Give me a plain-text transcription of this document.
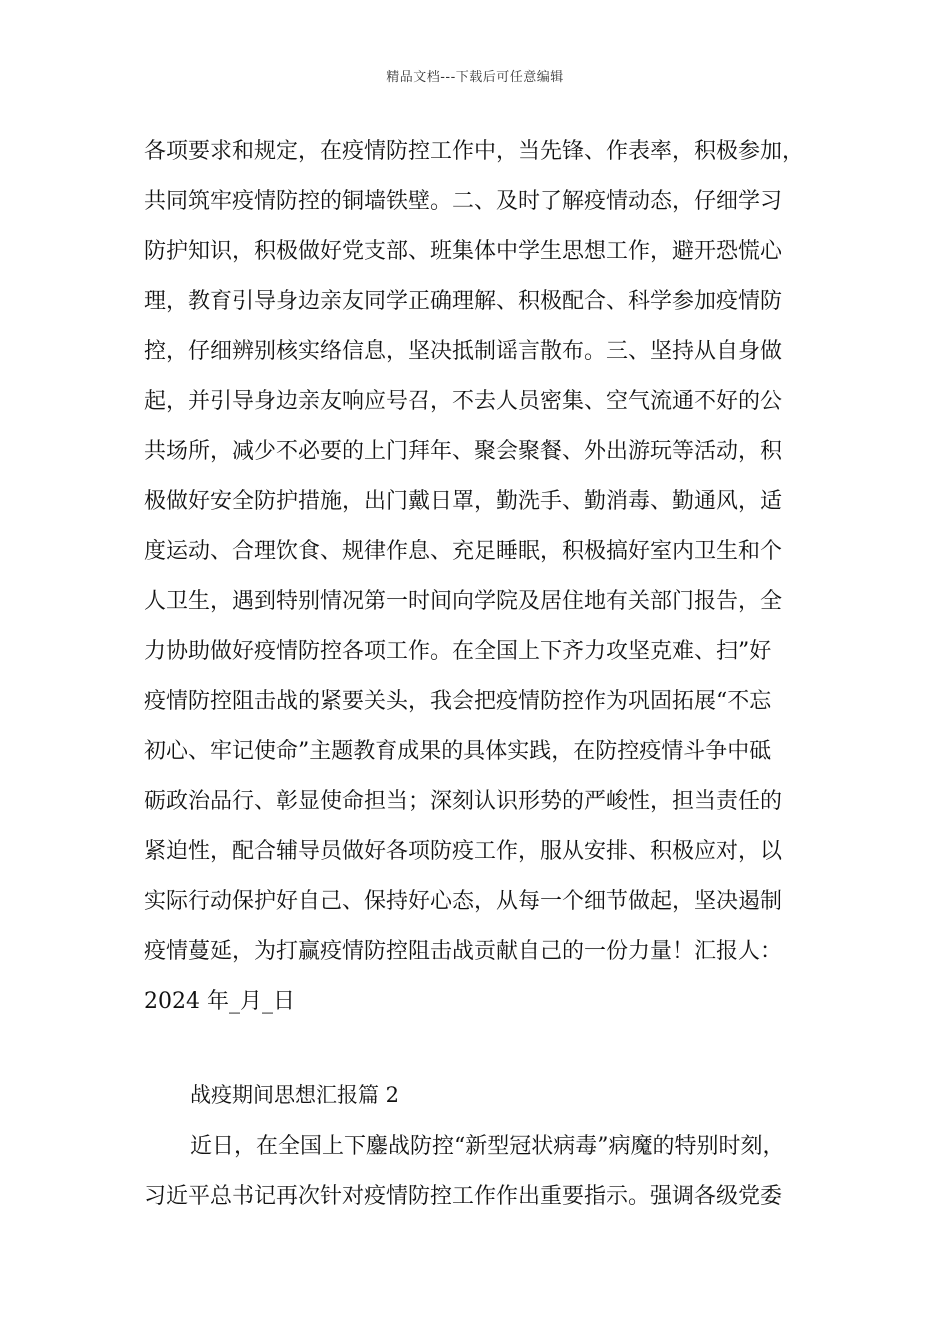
精品文档---下载后可任意编辑
各项要求和规定，在疫情防控工作中，当先锋、作表率，积极参加，
共同筑牢疫情防控的铜墙铁壁。二、及时了解疫情动态，仔细学习
防护知识，积极做好党支部、班集体中学生思想工作，避开恐慌心
理，教育引导身边亲友同学正确理解、积极配合、科学参加疫情防
控，仔细辨别核实络信息，坚决抵制谣言散布。三、坚持从自身做
起，并引导身边亲友响应号召，不去人员密集、空气流通不好的公
共场所，减少不必要的上门拜年、聚会聚餐、外出游玩等活动，积
极做好安全防护措施，出门戴日罩，勤洗手、勤消毒、勤通风，适
度运动、合理饮食、规律作息、充足睡眠，积极搞好室内卫生和个
人卫生，遇到特别情况第一时间向学院及居住地有关部门报告，全
力协助做好疫情防控各项工作。在全国上下齐力攻坚克难、扫”好
疫情防控阻击战的紧要关头，我会把疫情防控作为巩固拓展“不忘
初心、牢记使命”主题教育成果的具体实践，在防控疫情斗争中砥
砺政治品行、彰显使命担当；深刻认识形势的严峻性，担当责任的
紧迫性，配合辅导员做好各项防疫工作，服从安排、积极应对，以
实际行动保护好自己、保持好心态，从每一个细节做起，坚决遏制
疫情蔓延，为打赢疫情防控阻击战贡献自己的一份力量！汇报人：
2024 年_月_日
战疫期间思想汇报篇 2
近日，在全国上下鏖战防控“新型冠状病毒”病魔的特别时刻，
习近平总书记再次针对疫情防控工作作出重要指示。强调各级党委
